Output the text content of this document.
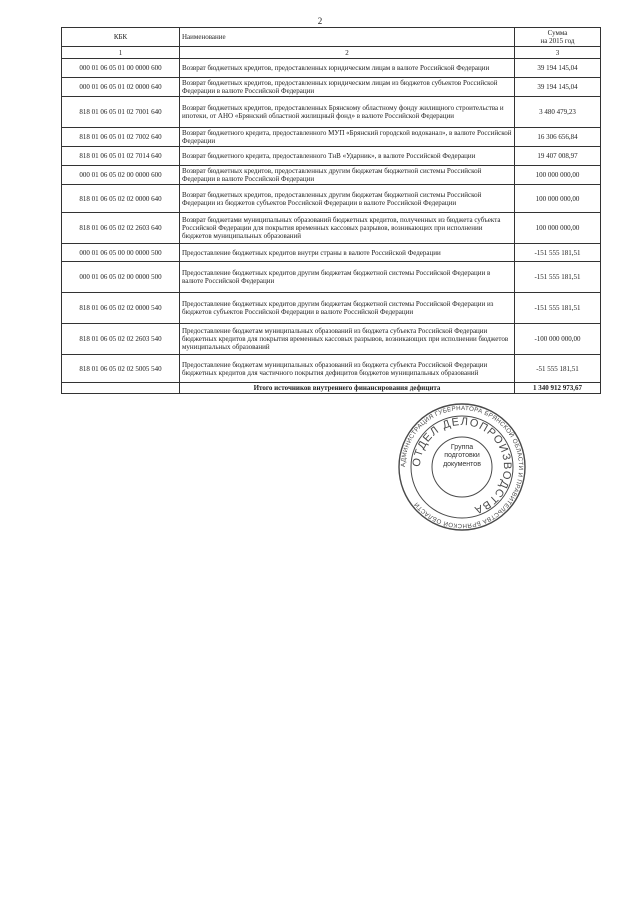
2
КБК	Наименование	Сумма
на 2015 год
1	2	3
000 01 06 05 01 00 0000 600	Возврат бюджетных кредитов, предоставленных юридическим лицам в валюте Российской Федерации	39 194 145,04
000 01 06 05 01 02 0000 640	Возврат бюджетных кредитов, предоставленных юридическим лицам из бюджетов субъектов Российской Федерации в валюте Российской Федерации	39 194 145,04
818 01 06 05 01 02 7001 640	Возврат бюджетных кредитов, предоставленных Брянскому областному фонду жилищного строительства и ипотеки, от АНО «Брянский областной жилищный фонд» в валюте Российской Федерации	3 480 479,23
818 01 06 05 01 02 7002 640	Возврат бюджетного кредита, предоставленного МУП «Брянский городской водоканал», в валюте Российской Федерации	16 306 656,84
818 01 06 05 01 02 7014 640	Возврат бюджетного кредита, предоставленного ТнВ «Ударник», в валюте Российской Федерации	19 407 008,97
000 01 06 05 02 00 0000 600	Возврат бюджетных кредитов, предоставленных другим бюджетам бюджетной системы Российской Федерации в валюте Российской Федерации	100 000 000,00
818 01 06 05 02 02 0000 640	Возврат бюджетных кредитов, предоставленных другим бюджетам бюджетной системы Российской Федерации из бюджетов субъектов Российской Федерации в валюте Российской Федерации	100 000 000,00
818 01 06 05 02 02 2603 640	Возврат бюджетами муниципальных образований бюджетных кредитов, полученных из бюджета субъекта Российской Федерации для покрытия временных кассовых разрывов, возникающих при исполнении бюджетов муниципальных образований	100 000 000,00
000 01 06 05 00 00 0000 500	Предоставление бюджетных кредитов внутри страны в валюте Российской Федерации	-151 555 181,51
000 01 06 05 02 00 0000 500	Предоставление бюджетных кредитов другим бюджетам бюджетной системы Российской Федерации в валюте Российской Федерации	-151 555 181,51
818 01 06 05 02 02 0000 540	Предоставление бюджетных кредитов другим бюджетам бюджетной системы Российской Федерации из бюджетов субъектов Российской Федерации в валюте Российской Федерации	-151 555 181,51
818 01 06 05 02 02 2603 540	Предоставление бюджетам муниципальных образований из бюджета субъекта Российской Федерации бюджетных кредитов для покрытия временных кассовых разрывов, возникающих при исполнении бюджетов муниципальных образований	-100 000 000,00
818 01 06 05 02 02 5005 540	Предоставление бюджетам муниципальных образований из бюджета субъекта Российской Федерации бюджетных кредитов для частичного покрытия дефицитов бюджетов муниципальных образований	-51 555 181,51
	Итого источников внутреннего финансирования дефицита	1 340 912 973,67
АДМИНИСТРАЦИЯ ГУБЕРНАТОРА БРЯНСКОЙ ОБЛАСТИ И ПРАВИТЕЛЬСТВА БРЯНСКОЙ ОБЛАСТИ
ОТДЕЛ ДЕЛОПРОИЗВОДСТВА
Группа
подготовки
документов
